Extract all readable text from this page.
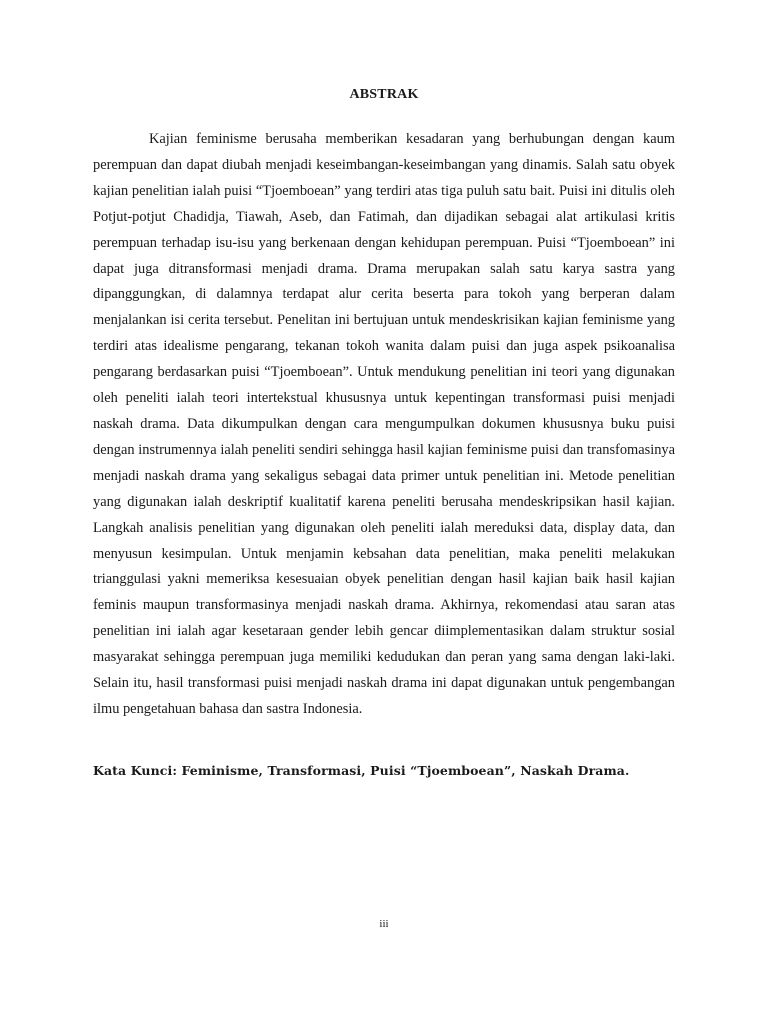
ABSTRAK

Kajian feminisme berusaha memberikan kesadaran yang berhubungan dengan kaum perempuan dan dapat diubah menjadi keseimbangan-keseimbangan yang dinamis. Salah satu obyek kajian penelitian ialah puisi “Tjoemboean” yang terdiri atas tiga puluh satu bait. Puisi ini ditulis oleh Potjut-potjut Chadidja, Tiawah, Aseb, dan Fatimah, dan dijadikan sebagai alat artikulasi kritis perempuan terhadap isu-isu yang berkenaan dengan kehidupan perempuan. Puisi “Tjoemboean” ini dapat juga ditransformasi menjadi drama. Drama merupakan salah satu karya sastra yang dipanggungkan, di dalamnya terdapat alur cerita beserta para tokoh yang berperan dalam menjalankan isi cerita tersebut. Penelitan ini bertujuan untuk mendeskrisikan kajian feminisme yang terdiri atas idealisme pengarang, tekanan tokoh wanita dalam puisi dan juga aspek psikoanalisa pengarang berdasarkan puisi “Tjoemboean”. Untuk mendukung penelitian ini teori yang digunakan oleh peneliti ialah teori intertekstual khususnya untuk kepentingan transformasi puisi menjadi naskah drama. Data dikumpulkan dengan cara mengumpulkan dokumen khususnya buku puisi dengan instrumennya ialah peneliti sendiri sehingga hasil kajian feminisme puisi dan transfomasinya menjadi naskah drama yang sekaligus sebagai data primer untuk penelitian ini. Metode penelitian yang digunakan ialah deskriptif kualitatif karena peneliti berusaha mendeskripsikan hasil kajian. Langkah analisis penelitian yang digunakan oleh peneliti ialah mereduksi data, display data, dan menyusun kesimpulan. Untuk menjamin kebsahan data penelitian, maka peneliti melakukan trianggulasi yakni memeriksa kesesuaian obyek penelitian dengan hasil kajian baik hasil kajian feminis maupun transformasinya menjadi naskah drama. Akhirnya, rekomendasi atau saran atas penelitian ini ialah agar kesetaraan gender lebih gencar diimplementasikan dalam struktur sosial masyarakat sehingga perempuan juga memiliki kedudukan dan peran yang sama dengan laki-laki. Selain itu, hasil transformasi puisi menjadi naskah drama ini dapat digunakan untuk pengembangan ilmu pengetahuan bahasa dan sastra Indonesia.

Kata Kunci: Feminisme, Transformasi, Puisi “Tjoemboean”, Naskah Drama.

iii
